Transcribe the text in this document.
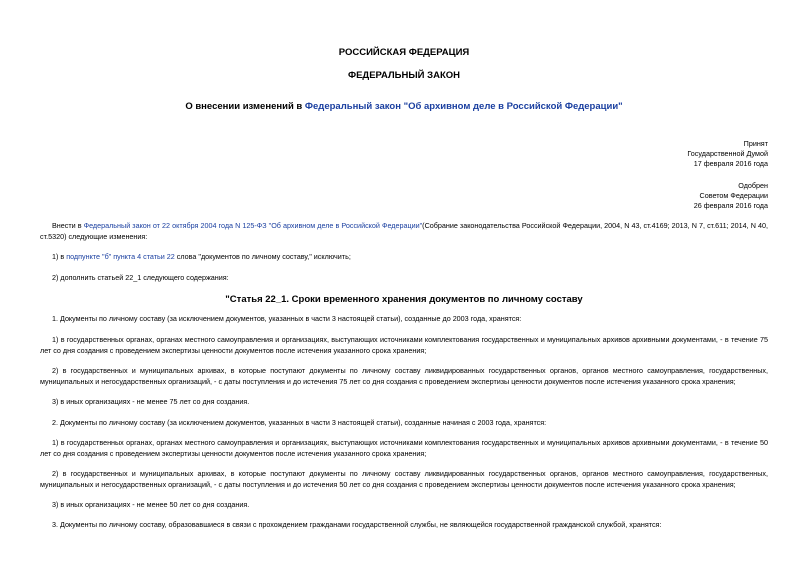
РОССИЙСКАЯ ФЕДЕРАЦИЯ
ФЕДЕРАЛЬНЫЙ ЗАКОН
О внесении изменений в Федеральный закон "Об архивном деле в Российской Федерации"
Принят
Государственной Думой
17 февраля 2016 года
Одобрен
Советом Федерации
26 февраля 2016 года
Внести в Федеральный закон от 22 октября 2004 года N 125-ФЗ "Об архивном деле в Российской Федерации"(Собрание законодательства Российской Федерации, 2004, N 43, ст.4169; 2013, N 7, ст.611; 2014, N 40, ст.5320) следующие изменения:
1) в подпункте "б" пункта 4 статьи 22 слова "документов по личному составу," исключить;
2) дополнить статьей 22_1 следующего содержания:
"Статья 22_1. Сроки временного хранения документов по личному составу
1. Документы по личному составу (за исключением документов, указанных в части 3 настоящей статьи), созданные до 2003 года, хранятся:
1) в государственных органах, органах местного самоуправления и организациях, выступающих источниками комплектования государственных и муниципальных архивов архивными документами, - в течение 75 лет со дня создания с проведением экспертизы ценности документов после истечения указанного срока хранения;
2) в государственных и муниципальных архивах, в которые поступают документы по личному составу ликвидированных государственных органов, органов местного самоуправления, государственных, муниципальных и негосударственных организаций, - с даты поступления и до истечения 75 лет со дня создания с проведением экспертизы ценности документов после истечения указанного срока хранения;
3) в иных организациях - не менее 75 лет со дня создания.
2. Документы по личному составу (за исключением документов, указанных в части 3 настоящей статьи), созданные начиная с 2003 года, хранятся:
1) в государственных органах, органах местного самоуправления и организациях, выступающих источниками комплектования государственных и муниципальных архивов архивными документами, - в течение 50 лет со дня создания с проведением экспертизы ценности документов после истечения указанного срока хранения;
2) в государственных и муниципальных архивах, в которые поступают документы по личному составу ликвидированных государственных органов, органов местного самоуправления, государственных, муниципальных и негосударственных организаций, - с даты поступления и до истечения 50 лет со дня создания с проведением экспертизы ценности документов после истечения указанного срока хранения;
3) в иных организациях - не менее 50 лет со дня создания.
3. Документы по личному составу, образовавшиеся в связи с прохождением гражданами государственной службы, не являющейся государственной гражданской службой, хранятся:
